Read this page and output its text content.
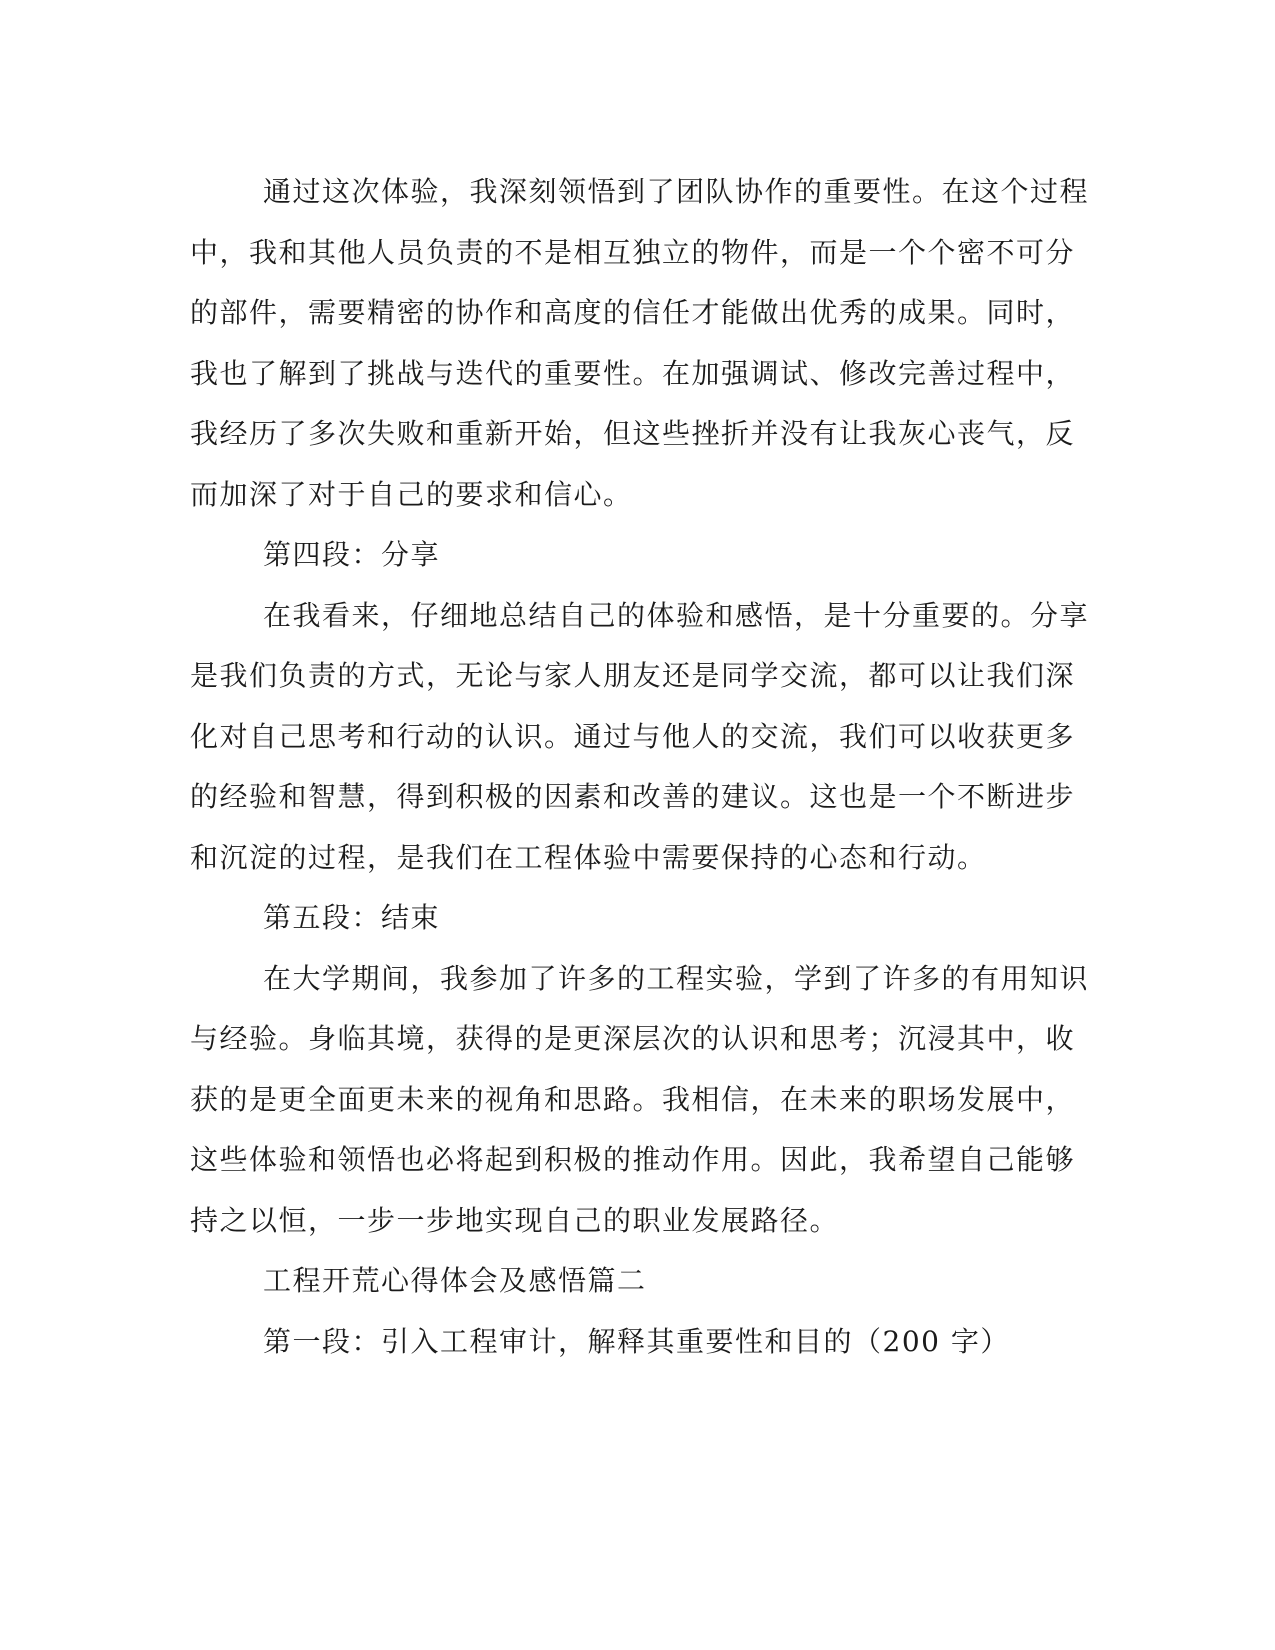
通过这次体验，我深刻领悟到了团队协作的重要性。在这个过程
中，我和其他人员负责的不是相互独立的物件，而是一个个密不可分
的部件，需要精密的协作和高度的信任才能做出优秀的成果。同时，
我也了解到了挑战与迭代的重要性。在加强调试、修改完善过程中，
我经历了多次失败和重新开始，但这些挫折并没有让我灰心丧气，反
而加深了对于自己的要求和信心。
第四段：分享
在我看来，仔细地总结自己的体验和感悟，是十分重要的。分享
是我们负责的方式，无论与家人朋友还是同学交流，都可以让我们深
化对自己思考和行动的认识。通过与他人的交流，我们可以收获更多
的经验和智慧，得到积极的因素和改善的建议。这也是一个不断进步
和沉淀的过程，是我们在工程体验中需要保持的心态和行动。
第五段：结束
在大学期间，我参加了许多的工程实验，学到了许多的有用知识
与经验。身临其境，获得的是更深层次的认识和思考；沉浸其中，收
获的是更全面更未来的视角和思路。我相信，在未来的职场发展中，
这些体验和领悟也必将起到积极的推动作用。因此，我希望自己能够
持之以恒，一步一步地实现自己的职业发展路径。
工程开荒心得体会及感悟篇二
第一段：引入工程审计，解释其重要性和目的（200 字）
